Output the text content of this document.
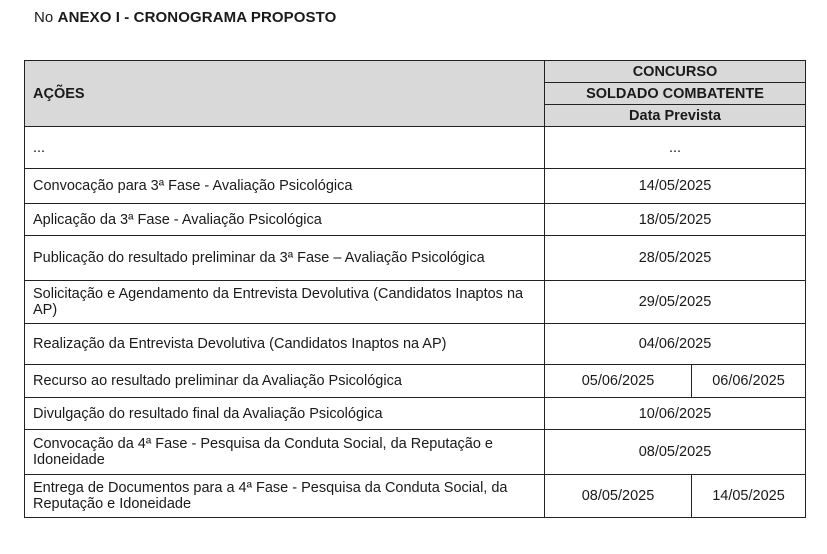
No ANEXO I - CRONOGRAMA PROPOSTO
AÇÕES	CONCURSO	
	SOLDADO COMBATENTE	
	Data Prevista	
...	...	
Convocação para 3ª Fase - Avaliação Psicológica	14/05/2025	
Aplicação da 3ª Fase - Avaliação Psicológica	18/05/2025	
Publicação do resultado preliminar da 3ª Fase – Avaliação Psicológica	28/05/2025	
Solicitação e Agendamento da Entrevista Devolutiva (Candidatos Inaptos na AP)	29/05/2025	
Realização da Entrevista Devolutiva (Candidatos Inaptos na AP)	04/06/2025	
Recurso ao resultado preliminar da Avaliação Psicológica	05/06/2025	06/06/2025
Divulgação do resultado final da Avaliação Psicológica	10/06/2025	
Convocação da 4ª Fase - Pesquisa da Conduta Social, da Reputação e Idoneidade	08/05/2025	
Entrega de Documentos para a 4ª Fase - Pesquisa da Conduta Social, da Reputação e Idoneidade	08/05/2025	14/05/2025
